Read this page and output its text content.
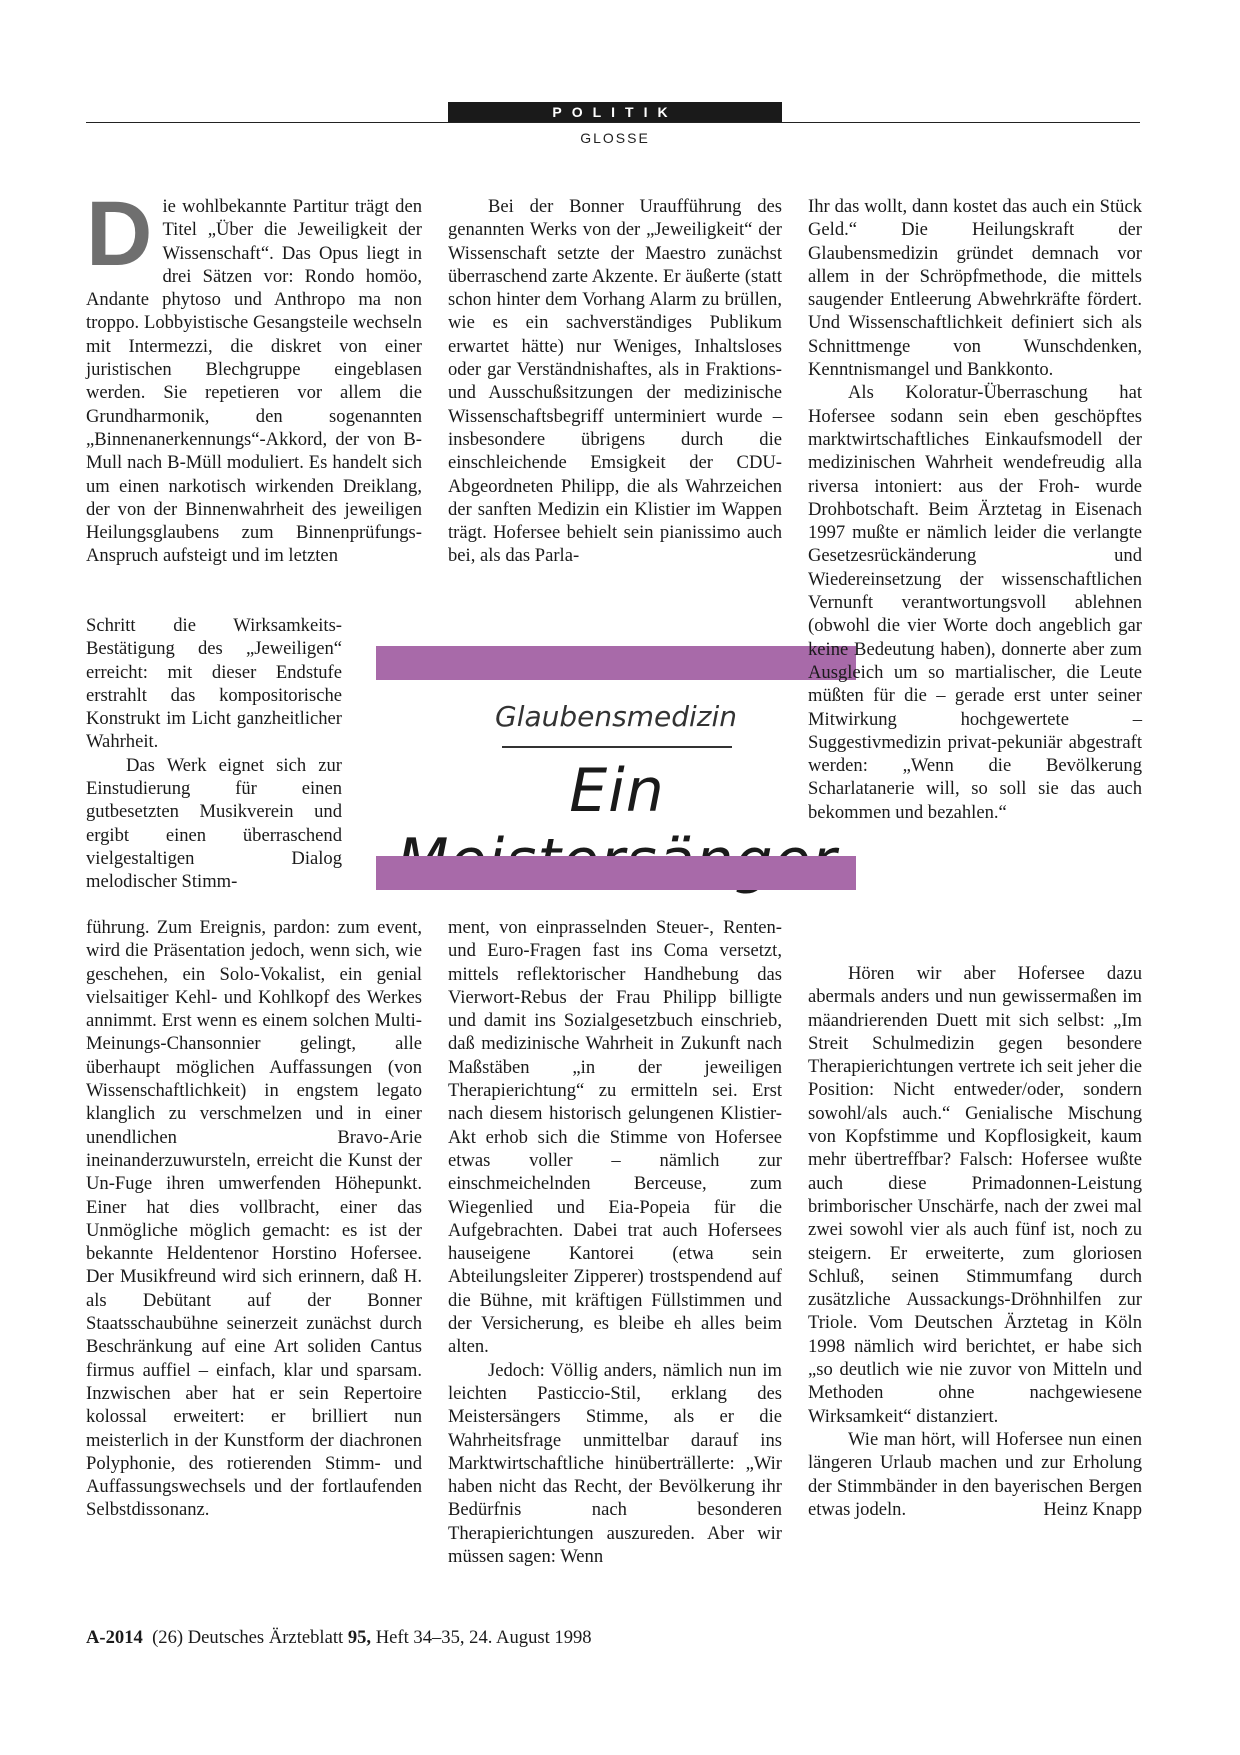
POLITIK
GLOSSE

Die wohlbekannte Partitur trägt den Titel „Über die Jeweiligkeit der Wissenschaft“. Das Opus liegt in drei Sätzen vor: Rondo homöo, Andante phytoso und Anthropo ma non troppo. Lobbyistische Gesangsteile wechseln mit Intermezzi, die diskret von einer juristischen Blechgruppe eingeblasen werden. Sie repetieren vor allem die Grundharmonik, den sogenannten „Binnenanerkennungs“-Akkord, der von B-Mull nach B-Müll moduliert. Es handelt sich um einen narkotisch wirkenden Dreiklang, der von der Binnenwahrheit des jeweiligen Heilungsglaubens zum Binnenprüfungs-Anspruch aufsteigt und im letzten

Schritt die Wirksamkeits-Bestätigung des „Jeweiligen“ erreicht: mit dieser Endstufe erstrahlt das kompositorische Konstrukt im Licht ganzheitlicher Wahrheit.

Das Werk eignet sich zur Einstudierung für einen gutbesetzten Musikverein und ergibt einen überraschend vielgestaltigen Dialog melodischer Stimm-

führung. Zum Ereignis, pardon: zum event, wird die Präsentation jedoch, wenn sich, wie geschehen, ein Solo-Vokalist, ein genial vielsaitiger Kehl- und Kohlkopf des Werkes annimmt. Erst wenn es einem solchen Multi-Meinungs-Chansonnier gelingt, alle überhaupt möglichen Auffassungen (von Wissenschaftlichkeit) in engstem legato klanglich zu verschmelzen und in einer unendlichen Bravo-Arie ineinanderzuwursteln, erreicht die Kunst der Un-Fuge ihren umwerfenden Höhepunkt. Einer hat dies vollbracht, einer das Unmögliche möglich gemacht: es ist der bekannte Heldentenor Horstino Hofersee. Der Musikfreund wird sich erinnern, daß H. als Debütant auf der Bonner Staatsschaubühne seinerzeit zunächst durch Beschränkung auf eine Art soliden Cantus firmus auffiel – einfach, klar und sparsam. Inzwischen aber hat er sein Repertoire kolossal erweitert: er brilliert nun meisterlich in der Kunstform der diachronen Polyphonie, des rotierenden Stimm- und Auffassungswechsels und der fortlaufenden Selbstdissonanz.

Bei der Bonner Uraufführung des genannten Werks von der „Jeweiligkeit“ der Wissenschaft setzte der Maestro zunächst überraschend zarte Akzente. Er äußerte (statt schon hinter dem Vorhang Alarm zu brüllen, wie es ein sachverständiges Publikum erwartet hätte) nur Weniges, Inhaltsloses oder gar Verständnishaftes, als in Fraktions- und Ausschußsitzungen der medizinische Wissenschaftsbegriff unterminiert wurde – insbesondere übrigens durch die einschleichende Emsigkeit der CDU-Abgeordneten Philipp, die als Wahrzeichen der sanften Medizin ein Klistier im Wappen trägt. Hofersee behielt sein pianissimo auch bei, als das Parla-

ment, von einprasselnden Steuer-, Renten- und Euro-Fragen fast ins Coma versetzt, mittels reflektorischer Handhebung das Vierwort-Rebus der Frau Philipp billigte und damit ins Sozialgesetzbuch einschrieb, daß medizinische Wahrheit in Zukunft nach Maßstäben „in der jeweiligen Therapierichtung“ zu ermitteln sei. Erst nach diesem historisch gelungenen Klistier-Akt erhob sich die Stimme von Hofersee etwas voller – nämlich zur einschmeichelnden Berceuse, zum Wiegenlied und Eia-Popeia für die Aufgebrachten. Dabei trat auch Hofersees hauseigene Kantorei (etwa sein Abteilungsleiter Zipperer) trostspendend auf die Bühne, mit kräftigen Füllstimmen und der Versicherung, es bleibe eh alles beim alten.

Jedoch: Völlig anders, nämlich nun im leichten Pasticcio-Stil, erklang des Meistersängers Stimme, als er die Wahrheitsfrage unmittelbar darauf ins Marktwirtschaftliche hinüberträllerte: „Wir haben nicht das Recht, der Bevölkerung ihr Bedürfnis nach besonderen Therapierichtungen auszureden. Aber wir müssen sagen: Wenn

Glaubensmedizin
Ein

Ihr das wollt, dann kostet das auch ein Stück Geld.“ Die Heilungskraft der Glaubensmedizin gründet demnach vor allem in der Schröpfmethode, die mittels saugender Entleerung Abwehrkräfte fördert. Und Wissenschaftlichkeit definiert sich als Schnittmenge von Wunschdenken, Kenntnismangel und Bankkonto.

Als Koloratur-Überraschung hat Hofersee sodann sein eben geschöpftes marktwirtschaftliches Einkaufsmodell der medizinischen Wahrheit wendefreudig alla riversa intoniert: aus der Froh- wurde Drohbotschaft. Beim Ärztetag in Eisenach 1997 mußte er nämlich leider die verlangte Gesetzesrückänderung und Wiedereinsetzung der wissenschaftlichen Vernunft verantwortungsvoll ablehnen (obwohl die vier Worte doch angeblich gar keine Bedeutung haben), donnerte aber zum Ausgleich um so martialischer, die Leute müßten für die – gerade erst unter seiner Mitwirkung hochgewertete – Suggestivmedizin privat-pekuniär abgestraft werden: „Wenn die Bevölkerung Scharlatanerie will, so soll sie das auch bekommen und bezahlen.“

Hören wir aber Hofersee dazu abermals anders und nun gewissermaßen im mäandrierenden Duett mit sich selbst: „Im Streit Schulmedizin gegen besondere Therapierichtungen vertrete ich seit jeher die Position: Nicht entweder/oder, sondern sowohl/als auch.“ Genialische Mischung von Kopfstimme und Kopflosigkeit, kaum mehr übertreffbar? Falsch: Hofersee wußte auch diese Primadonnen-Leistung brimborischer Unschärfe, nach der zwei mal zwei sowohl vier als auch fünf ist, noch zu steigern. Er erweiterte, zum gloriosen Schluß, seinen Stimmumfang durch zusätzliche Aussackungs-Dröhnhilfen zur Triole. Vom Deutschen Ärztetag in Köln 1998 nämlich wird berichtet, er habe sich „so deutlich wie nie zuvor von Mitteln und Methoden ohne nachgewiesene Wirksamkeit“ distanziert.

Wie man hört, will Hofersee nun einen längeren Urlaub machen und zur Erholung der Stimmbänder in den bayerischen Bergen etwas jodeln.	Heinz Knapp

A-2014 (26) Deutsches Ärzteblatt 95, Heft 34–35, 24. August 1998
